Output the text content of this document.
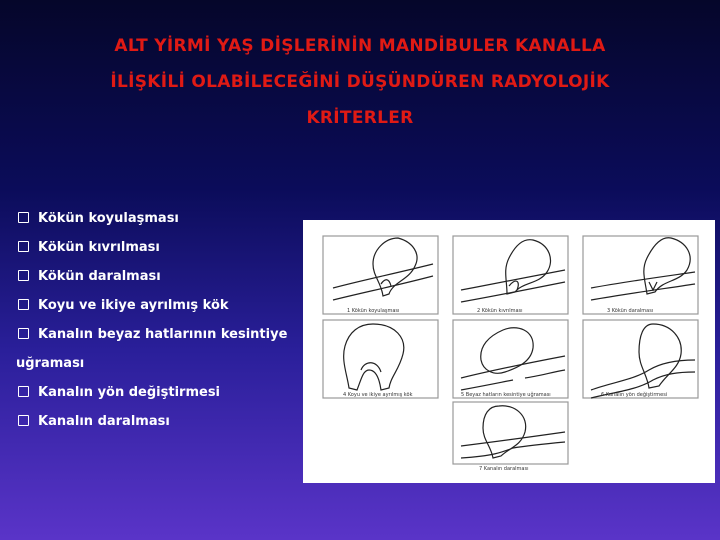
ALT YİRMİ YAŞ DİŞLERİNİN MANDİBULER KANALLA
İLİŞKİLİ OLABİLECEĞİNİ DÜŞÜNDÜREN RADYOLOJİK
KRİTERLER
Kökün koyulaşması
Kökün kıvrılması
Kökün daralması
Koyu ve ikiye ayrılmış kök
Kanalın beyaz hatlarının kesintiye
uğraması
Kanalın yön değiştirmesi
Kanalın daralması
1 Kökün koyulaşması	2 Kökün kıvrılması	3 Kökün daralması
4 Koyu ve ikiye ayrılmış kök	5 Beyaz hatların kesintiye uğraması	6 Kanalın yön değiştirmesi
7 Kanalın daralması
